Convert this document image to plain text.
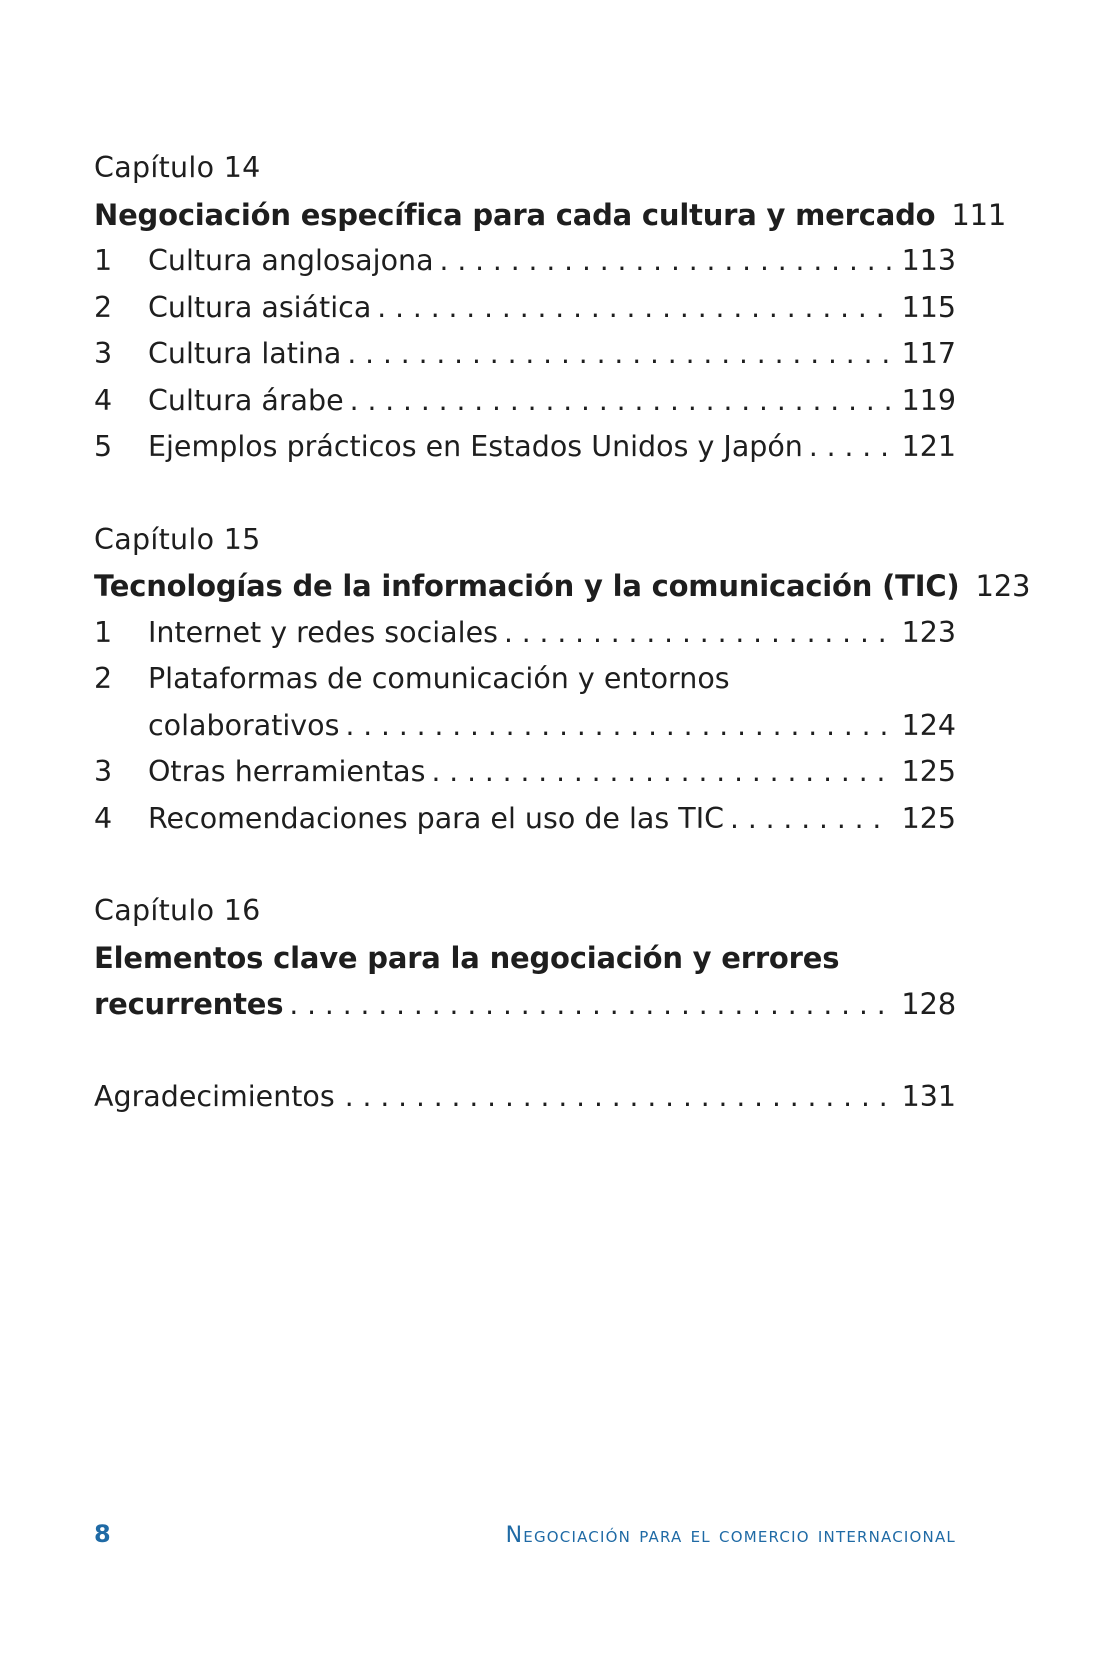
Capítulo 14
Negociación específica para cada cultura y mercado 111
1	Cultura anglosajona . . .	113
2	Cultura asiática . . .	115
3	Cultura latina . . .	117
4	Cultura árabe . . .	119
5	Ejemplos prácticos en Estados Unidos y Japón . . .	121
Capítulo 15
Tecnologías de la información y la comunicación (TIC) 123
1	Internet y redes sociales . . .	123
2	Plataformas de comunicación y entornos
colaborativos . . .	124
3	Otras herramientas . . .	125
4	Recomendaciones para el uso de las TIC . . .	125
Capítulo 16
Elementos clave para la negociación y errores
recurrentes . . .	128
Agradecimientos . . .	131
8	Negociación para el comercio internacional
